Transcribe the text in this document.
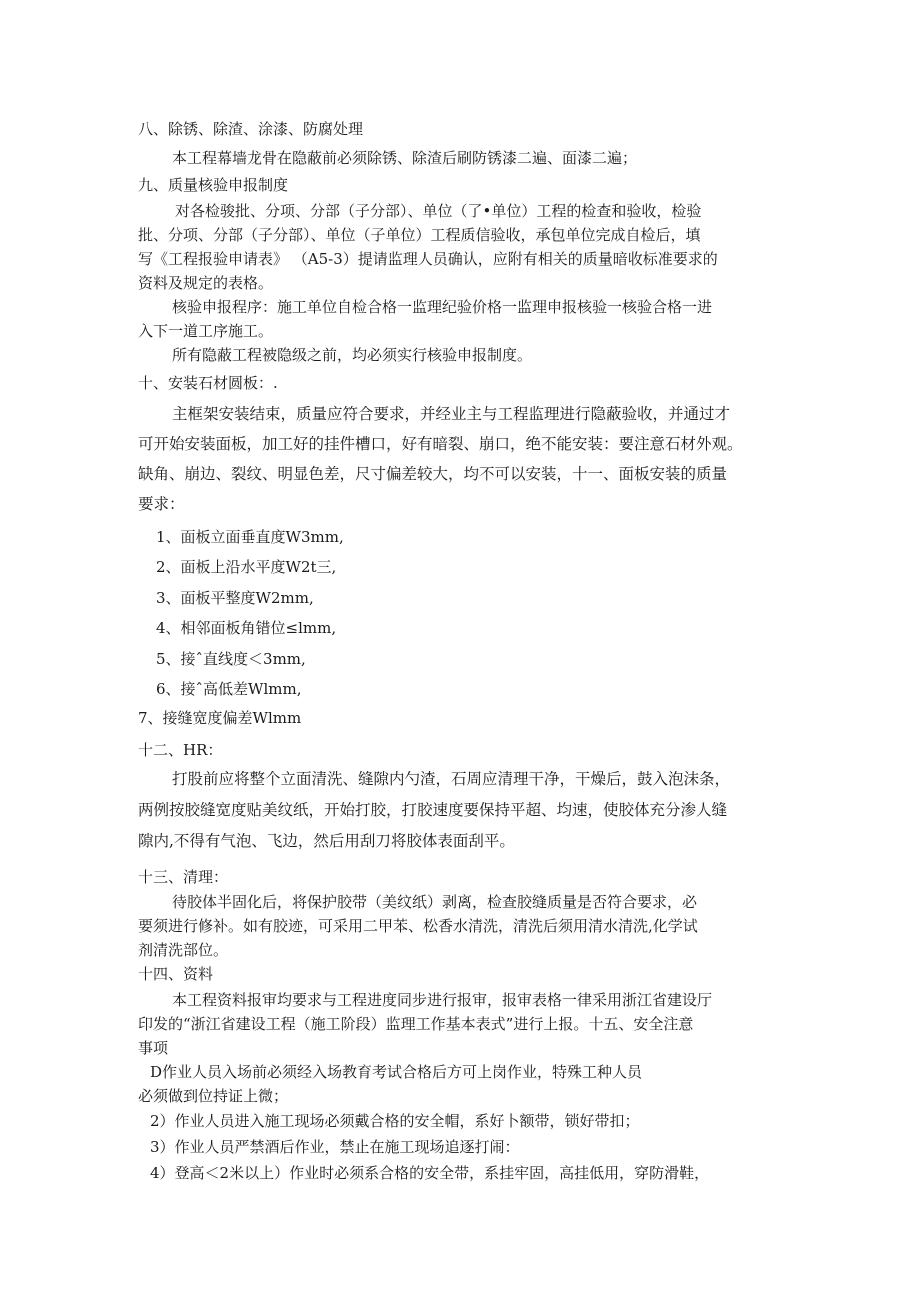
八、除锈、除渣、涂漆、防腐处理
本工程幕墙龙骨在隐蔽前必须除锈、除渣后刷防锈漆二遍、面漆二遍；
九、质量核验申报制度
对各检骏批、分项、分部（子分部）、单位（了•单位）工程的检查和验收，检验
批、分项、分部（子分部）、单位（子单位）工程质信验收，承包单位完成自检后，填
写《工程报验申请表》 （A5-3）提请监理人员确认，应附有相关的质量暗收标准要求的
资料及规定的表格。
核验申报程序：施工单位自检合格一监理纪验价格一监理申报核验一核验合格一进
入下一道工序施工。
所有隐蔽工程被隐级之前，均必须实行核验申报制度。
十、安装石材圆板：.
主框架安装结束，质量应符合要求，并经业主与工程监理进行隐蔽验收，并通过才
可开始安装面板，加工好的挂件槽口，好有暗裂、崩口，绝不能安装：要注意石材外观。
缺角、崩边、裂纹、明显色差，尺寸偏差较大，均不可以安装，十一、面板安装的质量
要求：
1、面板立面垂直度W3mm,
2、面板上沿水平度W2t三,
3、面板平整度W2mm,
4、相邻面板角错位≤lmm,
5、接ˆ直线度＜3mm,
6、接ˆ高低差Wlmm,
7、接缝宽度偏差Wlmm
十二、HR：
打股前应将整个立面清洗、缝隙内勺渣，石周应清理干净，干燥后，鼓入泡沫条，
两例按胶缝宽度贴美纹纸，开始打胶，打胶速度要保持平超、均速，使胶体充分渗人缝
隙内,不得有气泡、飞边，然后用刮刀将胶体表面刮平。
十三、清理：
待胶体半固化后，将保护胶带（美纹纸）剥离，检查胶缝质量是否符合要求，必
要须进行修补。如有胶迹，可采用二甲苯、松香水清洗，清洗后须用清水清洗,化学试
剂清洗部位。
十四、资料
本工程资料报审均要求与工程进度同步进行报审，报审表格一律采用浙江省建设厅
印发的“浙江省建设工程（施工阶段）监理工作基本表式”进行上报。十五、安全注意
事项
D作业人员入场前必须经入场教育考试合格后方可上岗作业，特殊工种人员
必须做到位持证上微；
2）作业人员进入施工现场必须戴合格的安全帽，系好卜额带，锁好带扣；
3）作业人员严禁酒后作业，禁止在施工现场追逐打闹：
4）登高＜2米以上）作业时必须系合格的安全带，系挂牢固，高挂低用，穿防滑鞋，
